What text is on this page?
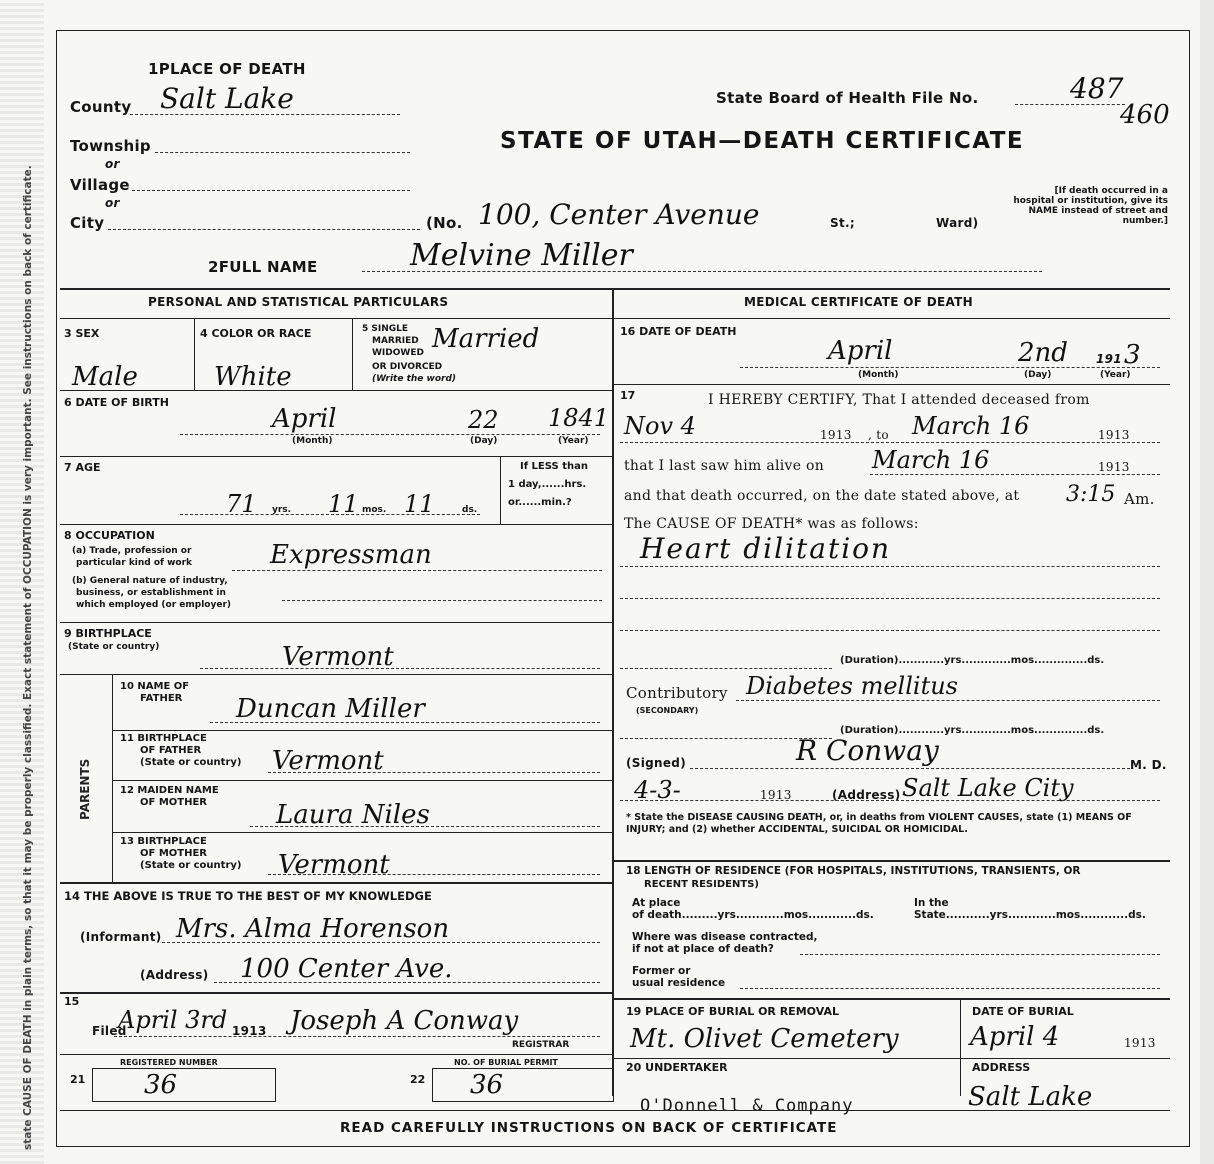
state CAUSE OF DEATH in plain terms, so that it may be properly classified. Exact statement of OCCUPATION is very important. See instructions on back of certificate.
1PLACE OF DEATH
County Salt Lake
Township
or
Village
or
City	(No. 100, Center Avenue	St.;	Ward)
[If death occurred in a hospital or institution, give its NAME instead of street and number.]
State Board of Health File No.	487
460
STATE OF UTAH—DEATH CERTIFICATE
2FULL NAME	Melvine Miller
PERSONAL AND STATISTICAL PARTICULARS
3 SEX
Male
4 COLOR OR RACE
White
5 SINGLE
MARRIED
WIDOWED
OR DIVORCED
(Write the word)
Married
6 DATE OF BIRTH
April	22 1841
(Month)	(Day)	(Year)
7 AGE
71 yrs. 11 mos. 11	ds.
If LESS than
1 day,......hrs.
or......min.?
8 OCCUPATION
(a) Trade, profession or
particular kind of work
(b) General nature of industry,
business, or establishment in
which employed (or employer)
Expressman
9 BIRTHPLACE
(State or country)	Vermont
PARENTS
10 NAME OF
FATHER Duncan Miller
11 BIRTHPLACE
OF FATHER
(State or country) Vermont
12 MAIDEN NAME
OF MOTHER	Laura Niles
13 BIRTHPLACE
OF MOTHER
(State or country) Vermont
14 THE ABOVE IS TRUE TO THE BEST OF MY KNOWLEDGE
(Informant) Mrs. Alma Horenson
(Address) 100 Center Ave.
15
Filed
April 3rd 1913 Joseph A Conway
REGISTRAR
21
REGISTERED NUMBER
36	22
NO. OF BURIAL PERMIT
36
MEDICAL CERTIFICATE OF DEATH
16 DATE OF DEATH
April	2nd 191 3
(Month)	(Day)	(Year)
17	I HEREBY CERTIFY, That I attended deceased from
Nov 4	1913 , to March 16	1913
that I last saw him alive on March 16	1913
and that death occurred, on the date stated above, at 3:15 Am.
The CAUSE OF DEATH* was as follows:
Heart dilitation
(Duration)............yrs.............mos..............ds.
Contributory
(SECONDARY)
Diabetes mellitus
(Duration)............yrs.............mos..............ds.
(Signed)	R Conway	M. D.
4-3-	1913	(Address) Salt Lake City
* State the DISEASE CAUSING DEATH, or, in deaths from VIOLENT CAUSES, state (1) MEANS OF INJURY; and (2) whether ACCIDENTAL, SUICIDAL OR HOMICIDAL.
18 LENGTH OF RESIDENCE (FOR HOSPITALS, INSTITUTIONS, TRANSIENTS, OR
RECENT RESIDENTS)
At place
of death.........yrs............mos............ds.
In the
State...........yrs............mos............ds.
Where was disease contracted,
if not at place of death?
Former or
usual residence
19 PLACE OF BURIAL OR REMOVAL
Mt. Olivet Cemetery
DATE OF BURIAL
April 4	1913
20 UNDERTAKER
O'Donnell & Company
ADDRESS
Salt Lake
READ CAREFULLY INSTRUCTIONS ON BACK OF CERTIFICATE
